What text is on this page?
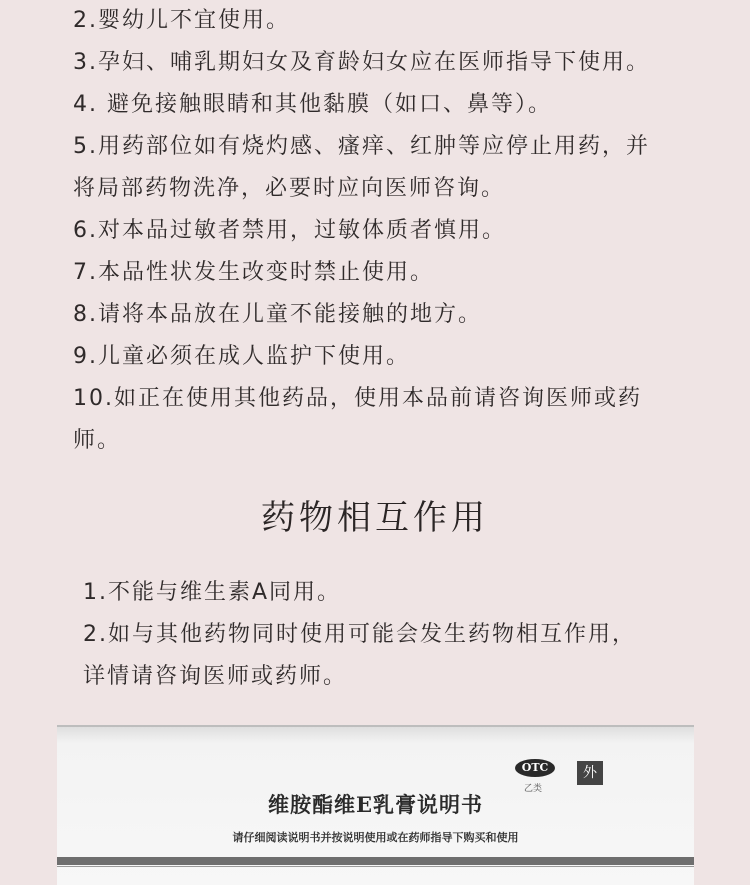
2.婴幼儿不宜使用。
3.孕妇、哺乳期妇女及育龄妇女应在医师指导下使用。
4. 避免接触眼睛和其他黏膜（如口、鼻等）。
5.用药部位如有烧灼感、瘙痒、红肿等应停止用药，并
将局部药物洗净，必要时应向医师咨询。
6.对本品过敏者禁用，过敏体质者慎用。
7.本品性状发生改变时禁止使用。
8.请将本品放在儿童不能接触的地方。
9.儿童必须在成人监护下使用。
10.如正在使用其他药品，使用本品前请咨询医师或药
师。
药物相互作用
1.不能与维生素A同用。
2.如与其他药物同时使用可能会发生药物相互作用，
详情请咨询医师或药师。
OTC
乙类
外
维胺酯维E乳膏说明书
请仔细阅读说明书并按说明使用或在药师指导下购买和使用
